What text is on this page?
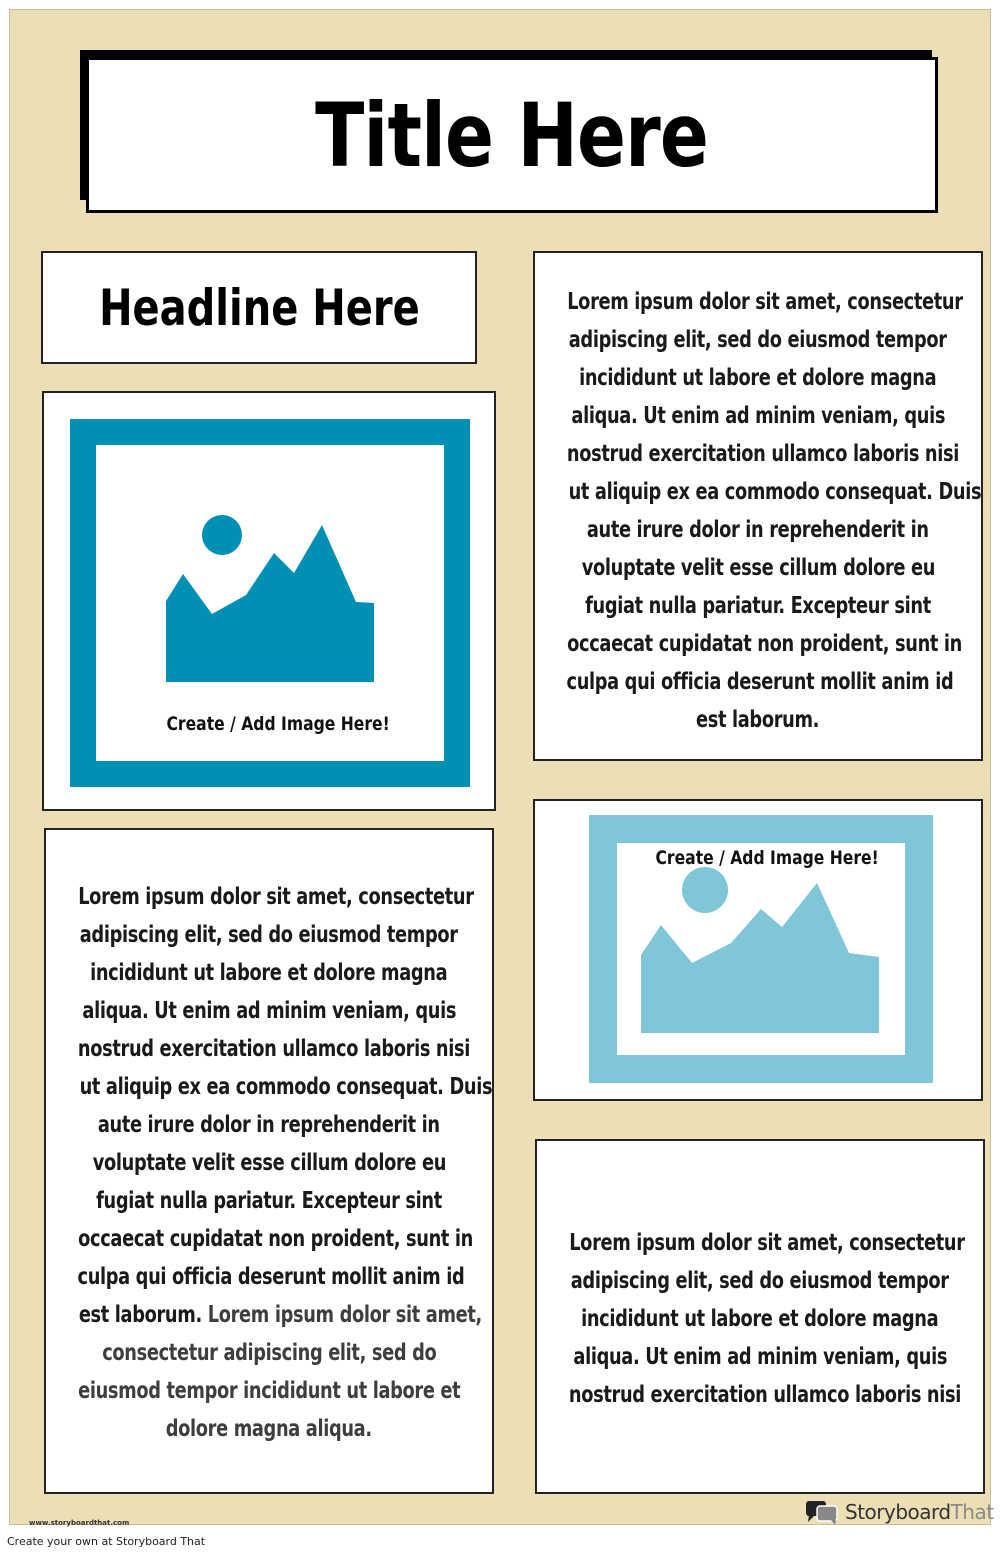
Title Here
Headline Here
Create / Add Image Here!
Lorem ipsum dolor sit amet, consectetur
adipiscing elit, sed do eiusmod tempor
incididunt ut labore et dolore magna
aliqua. Ut enim ad minim veniam, quis
nostrud exercitation ullamco laboris nisi
ut aliquip ex ea commodo consequat. Duis
aute irure dolor in reprehenderit in
voluptate velit esse cillum dolore eu
fugiat nulla pariatur. Excepteur sint
occaecat cupidatat non proident, sunt in
culpa qui officia deserunt mollit anim id
est laborum.
Create / Add Image Here!
Lorem ipsum dolor sit amet, consectetur
adipiscing elit, sed do eiusmod tempor
incididunt ut labore et dolore magna
aliqua. Ut enim ad minim veniam, quis
nostrud exercitation ullamco laboris nisi
ut aliquip ex ea commodo consequat. Duis
aute irure dolor in reprehenderit in
voluptate velit esse cillum dolore eu
fugiat nulla pariatur. Excepteur sint
occaecat cupidatat non proident, sunt in
culpa qui officia deserunt mollit anim id
est laborum. Lorem ipsum dolor sit amet,
consectetur adipiscing elit, sed do
eiusmod tempor incididunt ut labore et
dolore magna aliqua.
Lorem ipsum dolor sit amet, consectetur
adipiscing elit, sed do eiusmod tempor
incididunt ut labore et dolore magna
aliqua. Ut enim ad minim veniam, quis
nostrud exercitation ullamco laboris nisi
www.storyboardthat.com	StoryboardThat
Create your own at Storyboard That
